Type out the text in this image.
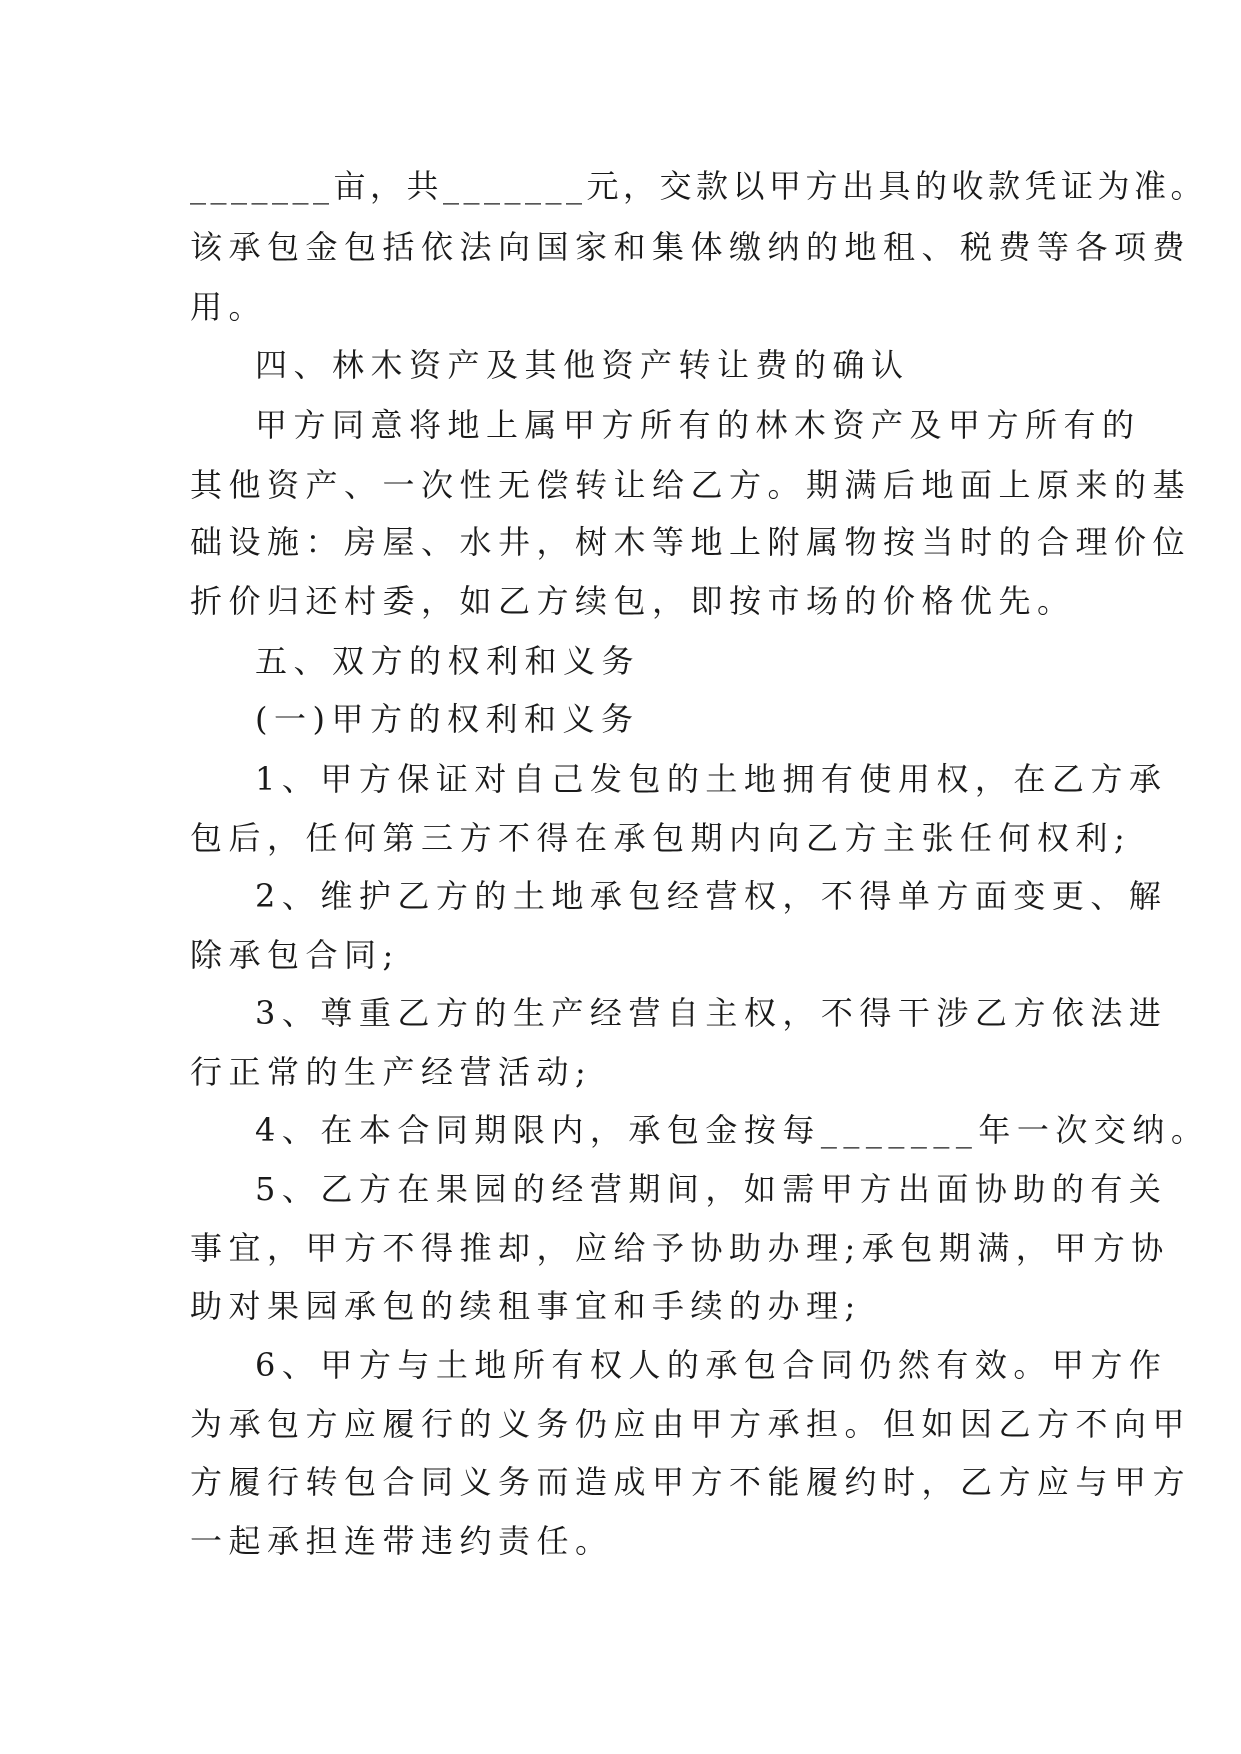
_______亩，共_______元，交款以甲方出具的收款凭证为准。
该承包金包括依法向国家和集体缴纳的地租、税费等各项费
用。
四、林木资产及其他资产转让费的确认
甲方同意将地上属甲方所有的林木资产及甲方所有的
其他资产、一次性无偿转让给乙方。期满后地面上原来的基
础设施：房屋、水井，树木等地上附属物按当时的合理价位
折价归还村委，如乙方续包，即按市场的价格优先。
五、双方的权利和义务
(一)甲方的权利和义务
1、甲方保证对自己发包的土地拥有使用权，在乙方承
包后，任何第三方不得在承包期内向乙方主张任何权利;
2、维护乙方的土地承包经营权，不得单方面变更、解
除承包合同;
3、尊重乙方的生产经营自主权，不得干涉乙方依法进
行正常的生产经营活动;
4、在本合同期限内，承包金按每_______年一次交纳。
5、乙方在果园的经营期间，如需甲方出面协助的有关
事宜，甲方不得推却，应给予协助办理;承包期满，甲方协
助对果园承包的续租事宜和手续的办理;
6、甲方与土地所有权人的承包合同仍然有效。甲方作
为承包方应履行的义务仍应由甲方承担。但如因乙方不向甲
方履行转包合同义务而造成甲方不能履约时，乙方应与甲方
一起承担连带违约责任。
